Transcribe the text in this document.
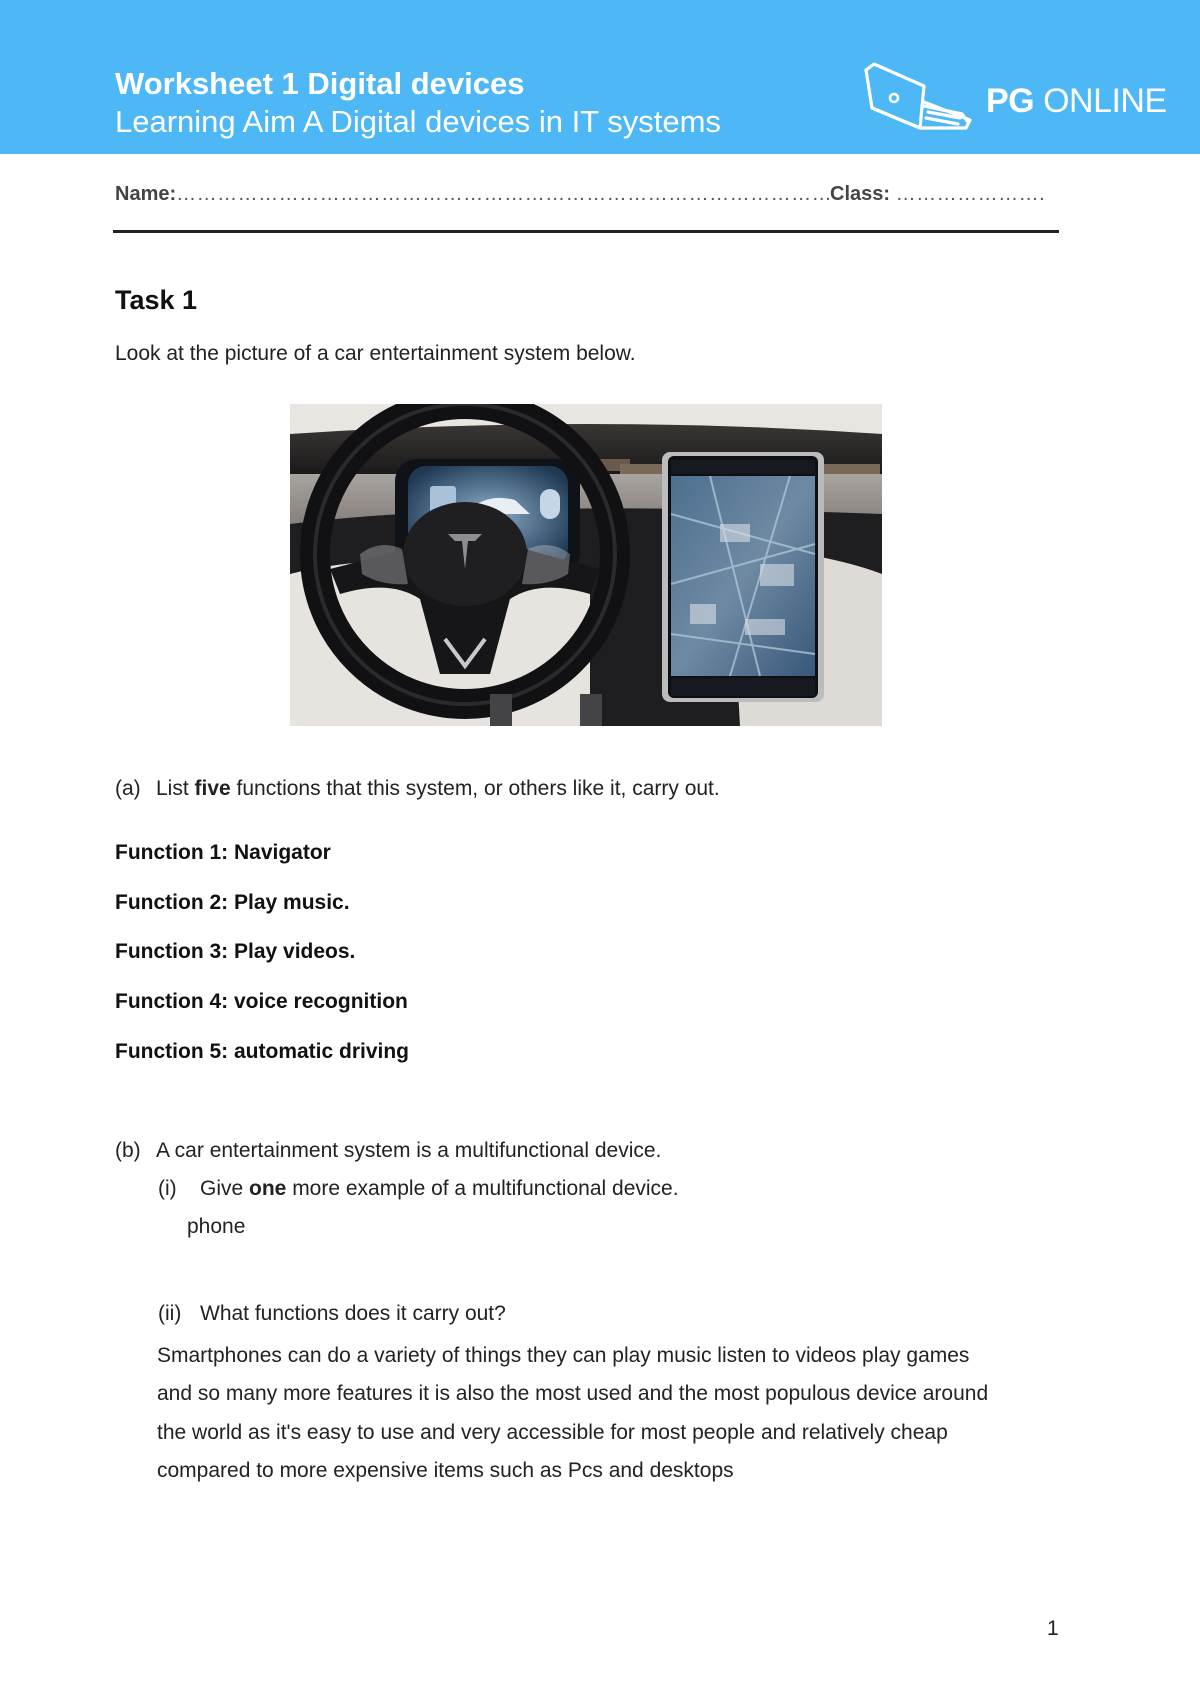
Worksheet 1 Digital devices
Learning Aim A Digital devices in IT systems
PG ONLINE
Name:……………………………………………………………………………………
Class: ………………….
Task 1
Look at the picture of a car entertainment system below.
(a) List five functions that this system, or others like it, carry out.
Function 1: Navigator
Function 2: Play music.
Function 3: Play videos.
Function 4: voice recognition
Function 5: automatic driving
(b) A car entertainment system is a multifunctional device.
(i) Give one more example of a multifunctional device.
phone
(ii) What functions does it carry out?
Smartphones can do a variety of things they can play music listen to videos play games
and so many more features it is also the most used and the most populous device around
the world as it's easy to use and very accessible for most people and relatively cheap
compared to more expensive items such as Pcs and desktops
1
